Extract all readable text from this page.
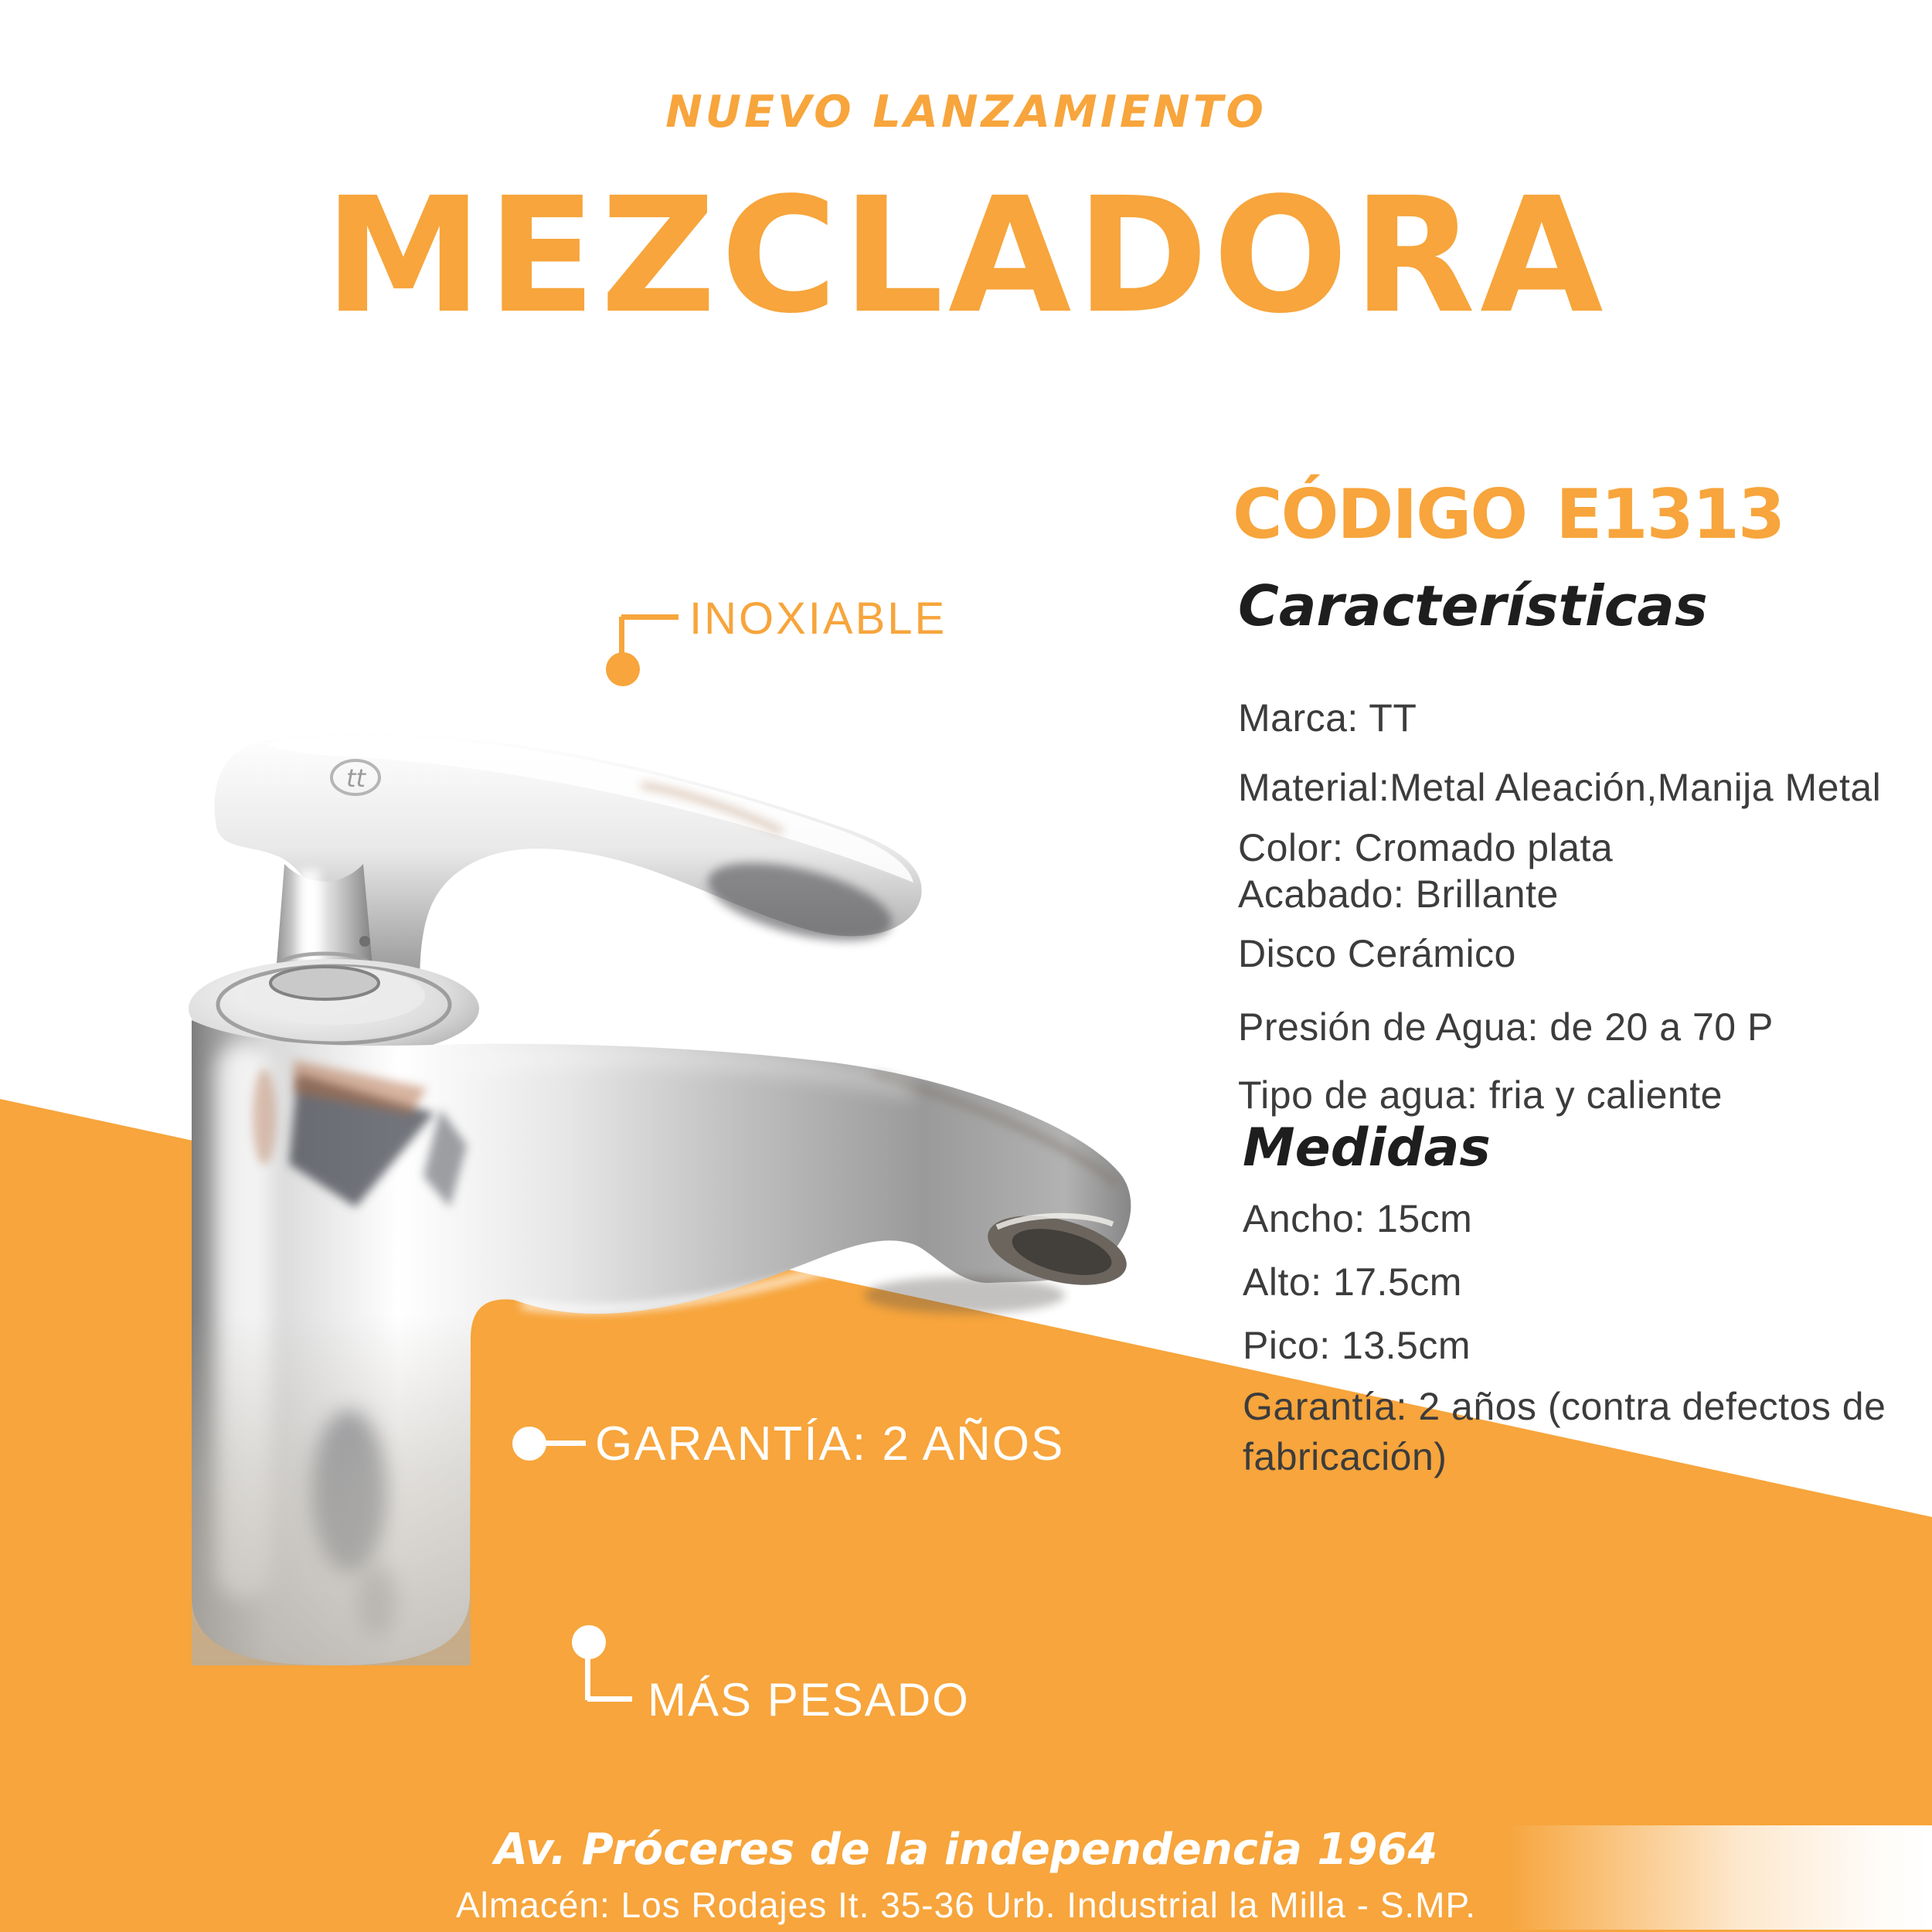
NUEVO LANZAMIENTO
MEZCLADORA
tt
INOXIABLE
GARANTÍA: 2 AÑOS
MÁS PESADO
CÓDIGO E1313
Características
Marca: TT
Material:Metal Aleación,Manija Metal
Color: Cromado plata
Acabado: Brillante
Disco Cerámico
Presión de Agua: de 20 a 70 P
Tipo de agua: fria y caliente
Medidas
Ancho: 15cm
Alto: 17.5cm
Pico: 13.5cm
Garantía: 2 años (contra defectos de fabricación)
Av. Próceres de la independencia 1964
Almacén: Los Rodajes It. 35-36 Urb. Industrial la Milla - S.MP.
